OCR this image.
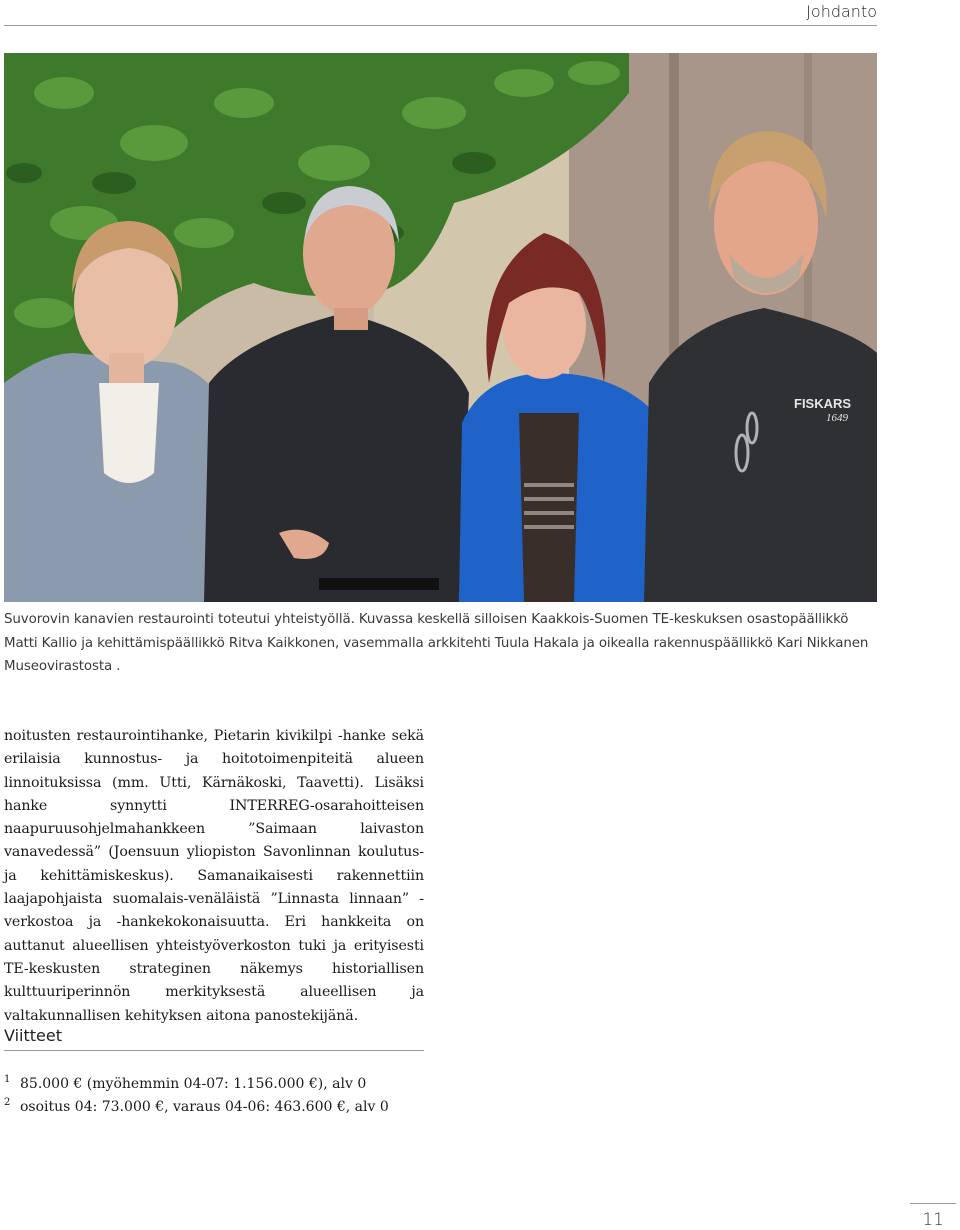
Johdanto
FISKARS
1649
Suvorovin kanavien restaurointi toteutui yhteistyöllä. Kuvassa keskellä silloisen Kaakkois-Suomen TE-keskuksen osastopäällikkö Matti Kallio ja kehittämispäällikkö Ritva Kaikkonen, vasemmalla arkkitehti Tuula Hakala ja oikealla rakennuspäällikkö Kari Nikkanen Museovirastosta .

noitusten restaurointihanke, Pietarin kivikilpi -hanke sekä erilaisia kunnostus- ja hoitotoimenpiteitä alueen linnoituksissa (mm. Utti, Kärnäkoski, Taavetti). Lisäksi hanke synnytti INTERREG-osarahoitteisen naapuruusohjelmahankkeen ”Saimaan laivaston vanavedessä” (Joensuun yliopiston Savonlinnan koulutus- ja kehittämiskeskus). Samanaikaisesti rakennettiin laajapohjaista suomalais-venäläistä ”Linnasta linnaan” -verkostoa ja -hankekokonaisuutta. Eri hankkeita on auttanut alueellisen yhteistyöverkoston tuki ja erityisesti TE-keskusten strateginen näkemys historiallisen kulttuuriperinnön merkityksestä alueellisen ja valtakunnallisen kehityksen aitona panostekijänä.

Viitteet
1 85.000 € (myöhemmin 04-07: 1.156.000 €), alv 0
2 osoitus 04: 73.000 €, varaus 04-06: 463.600 €, alv 0
11
